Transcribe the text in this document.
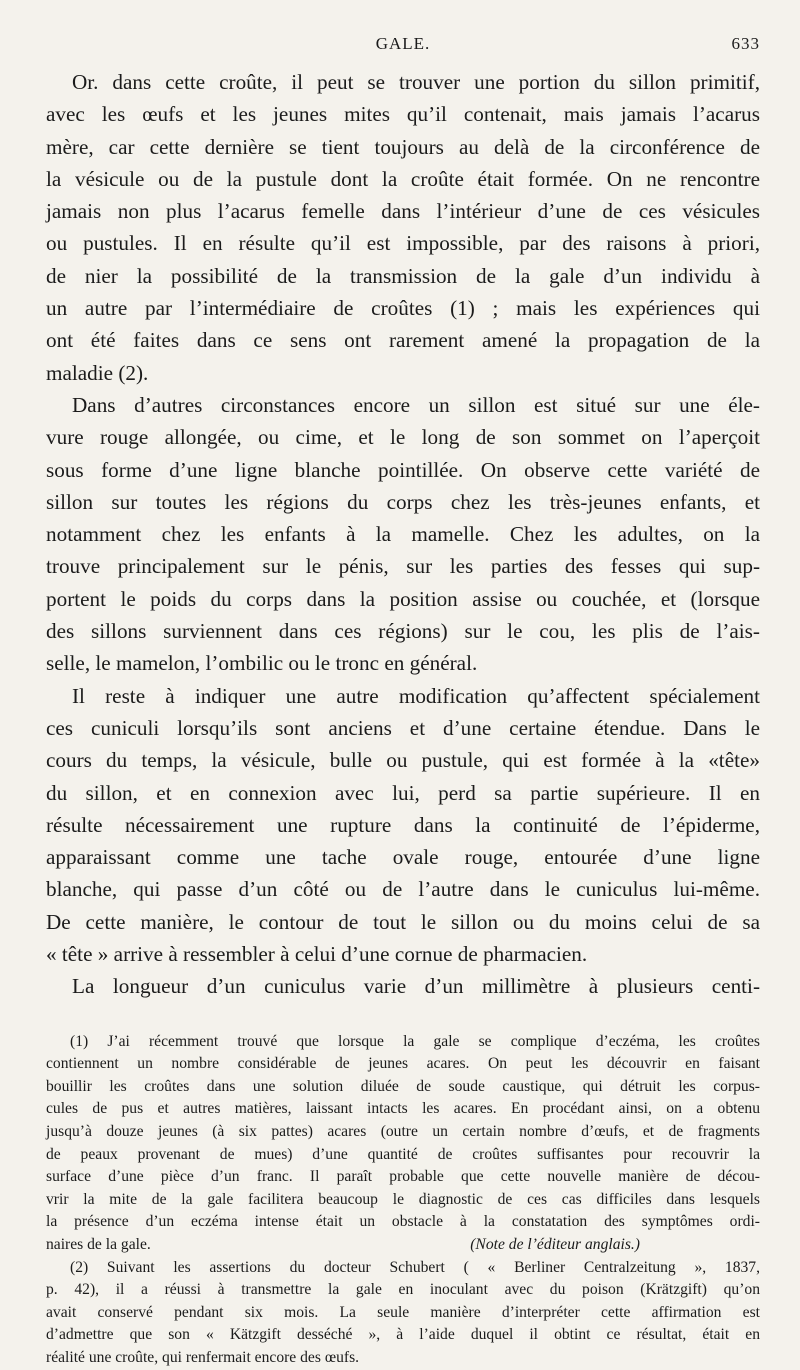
GALE.	633

Or. dans cette croûte, il peut se trouver une portion du sillon primitif,
avec les œufs et les jeunes mites qu’il contenait, mais jamais l’acarus
mère, car cette dernière se tient toujours au delà de la circonférence de
la vésicule ou de la pustule dont la croûte était formée. On ne rencontre
jamais non plus l’acarus femelle dans l’intérieur d’une de ces vésicules
ou pustules. Il en résulte qu’il est impossible, par des raisons à priori,
de nier la possibilité de la transmission de la gale d’un individu à
un autre par l’intermédiaire de croûtes (1) ; mais les expériences qui
ont été faites dans ce sens ont rarement amené la propagation de la
maladie (2).

Dans d’autres circonstances encore un sillon est situé sur une éle-
vure rouge allongée, ou cime, et le long de son sommet on l’aperçoit
sous forme d’une ligne blanche pointillée. On observe cette variété de
sillon sur toutes les régions du corps chez les très-jeunes enfants, et
notamment chez les enfants à la mamelle. Chez les adultes, on la
trouve principalement sur le pénis, sur les parties des fesses qui sup-
portent le poids du corps dans la position assise ou couchée, et (lorsque
des sillons surviennent dans ces régions) sur le cou, les plis de l’ais-
selle, le mamelon, l’ombilic ou le tronc en général.

Il reste à indiquer une autre modification qu’affectent spécialement
ces cuniculi lorsqu’ils sont anciens et d’une certaine étendue. Dans le
cours du temps, la vésicule, bulle ou pustule, qui est formée à la «tête»
du sillon, et en connexion avec lui, perd sa partie supérieure. Il en
résulte nécessairement une rupture dans la continuité de l’épiderme,
apparaissant comme une tache ovale rouge, entourée d’une ligne
blanche, qui passe d’un côté ou de l’autre dans le cuniculus lui-même.
De cette manière, le contour de tout le sillon ou du moins celui de sa
« tête » arrive à ressembler à celui d’une cornue de pharmacien.

La longueur d’un cuniculus varie d’un millimètre à plusieurs centi-

(1) J’ai récemment trouvé que lorsque la gale se complique d’eczéma, les croûtes
contiennent un nombre considérable de jeunes acares. On peut les découvrir en faisant
bouillir les croûtes dans une solution diluée de soude caustique, qui détruit les corpus-
cules de pus et autres matières, laissant intacts les acares. En procédant ainsi, on a obtenu
jusqu’à douze jeunes (à six pattes) acares (outre un certain nombre d’œufs, et de fragments
de peaux provenant de mues) d’une quantité de croûtes suffisantes pour recouvrir la
surface d’une pièce d’un franc. Il paraît probable que cette nouvelle manière de décou-
vrir la mite de la gale facilitera beaucoup le diagnostic de ces cas difficiles dans lesquels
la présence d’un eczéma intense était un obstacle à la constatation des symptômes ordi-
naires de la gale.	(Note de l’éditeur anglais.)

(2) Suivant les assertions du docteur Schubert ( « Berliner Centralzeitung », 1837,
p. 42), il a réussi à transmettre la gale en inoculant avec du poison (Krätzgift) qu’on
avait conservé pendant six mois. La seule manière d’interpréter cette affirmation est
d’admettre que son « Kätzgift desséché », à l’aide duquel il obtint ce résultat, était en
réalité une croûte, qui renfermait encore des œufs.
